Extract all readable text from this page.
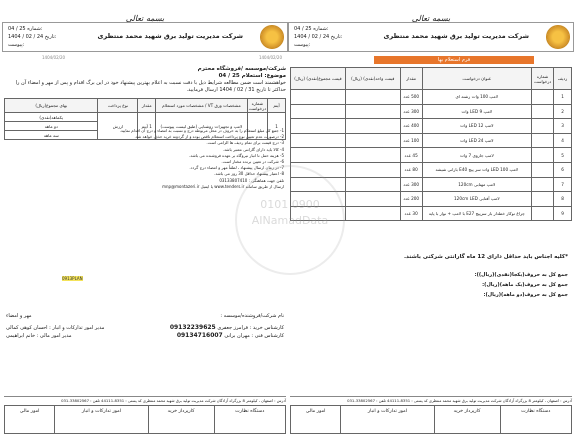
بسمه تعالی
شرکت مدیریت تولید برق شهید محمد منتظری
04 / 25 شماره:
1404 / 02 / 24 تاریخ:
پیوست:
فرم استعلام بها
ردیف	شماره درخواست	عنوان درخواست	مقدار	قیمت واحد(نقدی) (ریال)	قیمت مجموع(نقدی) (ریال)
1		لامپ 100 وات رشته ای	500 عدد		
2		لامپ LED 9 وات	300 عدد		
3		لامپ LED 12 وات	400 عدد		
4		لامپ LED 24 وات	100 عدد		
5		لامپ جاروی 7 وات	45 عدد		
6		لامپ 100 LED وات سر پیچ E40 بارانی شیشه	80 عدد		
7		لامپ مهتابی 120cm	300 عدد		
8		لامپ آفتابی 120cm LED	200 عدد		
9		چراغ توکار خطدار بار سرپیچ E27 با لامپ + نوار با پایه	30 عدد		
*کلیه اجناس باید حداقل دارای 12 ماه گارانتی شرکتی باشند.
جمع کل به حروف(یکجا(نقدی)(ریال)):
جمع کل به حروف(یک ماهه)(ریال):
جمع کل به حروف(دو ماهه)(ریال):
آدرس : اصفهان ، کیلومتر 8 بزرگراه آزادگان شرکت مدیریت تولید برق شهید محمد منتظری کد پستی : 8351-44111 تلفن : 33802567-031
دستگاه نظارت	کارپرداز خرید	امور تدارکات و انبار	امور مالی
بسمه تعالی
شرکت مدیریت تولید برق شهید محمد منتظری
04 / 25 شماره:
1404 / 02 / 24 تاریخ:
پیوست:
1404/02/20	1404/02/20
شرکت/موسسه /فروشگاه محترم
موضوع: استعلام 25 / 04
خواهشمند است ضمن مطالعه شرایط ذیل با دقت نسبت به اعلام بهترین پیشنهاد خود در این برگ اقدام و پس از مهر و امضاء آن را حداکثر تا تاریخ 31 / 02 / 1404 ارسال فرمایید.
آیتم	شماره درخواست	مشخصات ورق VT / مشخصات مورد استعلام	مقدار	نوع پرداخت	بهای مجموع(ریال)
1		لامپ و تجهیزات روشنایی (طبق لیست پیوست)	1 آیتم	ارزش	یکماهه(نقدی)
					دو ماهه
					سه ماهه
1- جمع کل مبلغ استعلام را به حروف در محل مربوطه درج و نسبت به امضاء و درج آن اقدام نمایید.
2- درصورت عدم تعیین نوع پرداخت استعلام ناقص بوده و از گردونه خرید حذف خواهد شد.
3- درج قیمت برای تمام ردیف ها الزامی است.
4- کالا باید دارای گارانتی معتبر باشد.
5- هزینه حمل تا انبار نیروگاه بر عهده فروشنده می باشد.
6- شرکت در تعیین برنده مختار است.
7- در زمان ارسال پیشنهاد ، لطفاً مهر و امضاء درج گردد.
8- اعتبار پیشنهاد حداقل 30 روز می باشد.
تلفن جهت هماهنگی : 03133807410
ارسال از طریق سامانه www.tenders.ir یا ایمیل mnp@montazeri.ir
0913PLAN
نام شرکت/فروشنده/موسسه :
مهر و امضاء
کارشناس خرید : فرامرز جعفری 09132239625
مدیر امور تدارکات و انبار : احسان کوهی کمالی
کارشناس فنی : مهران برانی 09134716007
مدیر امور مالی : خانم ابراهیمی
آدرس : اصفهان ، کیلومتر 8 بزرگراه آزادگان شرکت مدیریت تولید برق شهید محمد منتظری کد پستی : 8351-44111 تلفن : 33802567-031
دستگاه نظارت	کارپرداز خرید	امور تدارکات و انبار	امور مالی
0101 0900 AINamadData
